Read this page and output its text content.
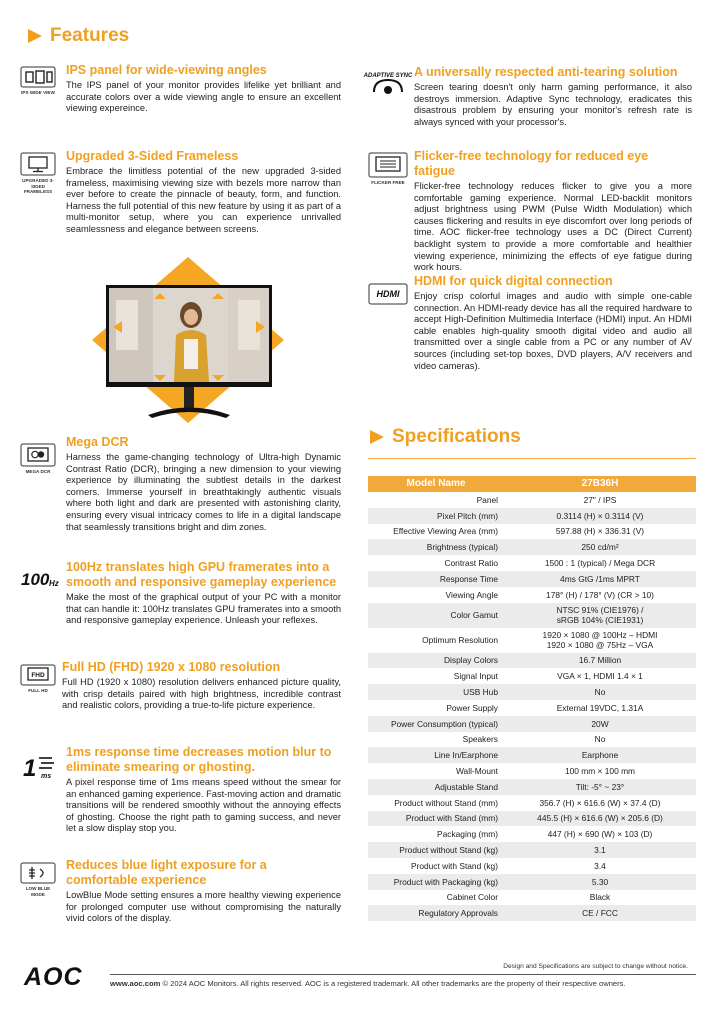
Features
IPS WIDE VIEW
IPS panel for wide-viewing angles
The IPS panel of your monitor provides lifelike yet brilliant and accurate colors over a wide viewing angle to ensure an excellent viewing expereince.
UPGRADED 3-SIDED FRAMELESS
Upgraded 3-Sided Frameless
Embrace the limitless potential of the new upgraded 3-sided frameless, maximising viewing size with bezels more narrow than ever before to create the pinnacle of beauty, form, and function. Harness the full potential of this new feature by using it as part of a multi-monitor setup, where you can experience unrivalled seamlessness and elegance between screens.
MEGA DCR
Mega DCR
Harness the game-changing technology of Ultra-high Dynamic Contrast Ratio (DCR), bringing a new dimension to your viewing experience by illuminating the subtlest details in the darkest corners. Immerse yourself in breathtakingly authentic visuals where both light and dark are presented with astonishing clarity, ensuring every visual intricacy comes to life in a digital landscape that seamlessly transitions bright and dim zones.
100 Hz
100Hz translates high GPU framerates into a smooth and responsive gameplay experience
Make the most of the graphical output of your PC with a monitor that can handle it: 100Hz translates GPU framerates into a smooth and responsive gameplay experience. Unleash your reflexes.
FHD
FULL HD
Full HD (FHD) 1920 x 1080 resolution
Full HD (1920 x 1080) resolution delivers enhanced picture quality, with crisp details paired with high brightness, incredible contrast and realistic colors, providing a true-to-life picture experience.
1 ms
1ms response time decreases motion blur to eliminate smearing or ghosting.
A pixel response time of 1ms means speed without the smear for an enhanced gaming experience. Fast-moving action and dramatic transitions will be rendered smoothly without the annoying effects of ghosting. Choose the right path to gaming success, and never let a slow display stop you.
LOW BLUE MODE
Reduces blue light exposure for a comfortable experience
LowBlue Mode setting ensures a more healthy viewing experience for prolonged computer use without compromising the naturally vivid colors of the display.
ADAPTIVE SYNC A universally respected anti-tearing solution
Screen tearing doesn't only harm gaming performance, it also destroys immersion. Adaptive Sync technology, eradicates this disastrous problem by ensuring your monitor's refresh rate is always synced with your processor's.
FLICKER FREE
Flicker-free technology for reduced eye fatigue
Flicker-free technology reduces flicker to give you a more comfortable gaming experience. Normal LED-backlit monitors adjust brightness using PWM (Pulse Width Modulation) which causes flickering and results in eye discomfort over long periods of time. AOC flicker-free technology uses a DC (Direct Current) backlight system to provide a more comfortable and healthier viewing experience, minimizing the effects of eye fatigue during work hours.
HDMI
HDMI for quick digital connection
Enjoy crisp colorful images and audio with simple one-cable connection. An HDMI-ready device has all the required hardware to accept High-Definition Multimedia Interface (HDMI) input. An HDMI cable enables high-quality smooth digital video and audio all transmitted over a single cable from a PC or any number of AV sources (including set-top boxes, DVD players, A/V receivers and video cameras).
Specifications
Model Name	27B36H
Panel	27" / IPS
Pixel Pitch (mm)	0.3114 (H) × 0.3114 (V)
Effective Viewing Area (mm)	597.88 (H) × 336.31 (V)
Brightness (typical)	250 cd/m²
Contrast Ratio	1500 : 1 (typical) / Mega DCR
Response Time	4ms GtG /1ms MPRT
Viewing Angle	178° (H) / 178° (V) (CR > 10)
Color Gamut	NTSC 91% (CIE1976) /
sRGB 104% (CIE1931)
Optimum Resolution	1920 × 1080 @ 100Hz – HDMI
1920 × 1080 @ 75Hz – VGA
Display Colors	16.7 Million
Signal Input	VGA × 1, HDMI 1.4 × 1
USB Hub	No
Power Supply	External 19VDC, 1.31A
Power Consumption (typical)	20W
Speakers	No
Line In/Earphone	Earphone
Wall-Mount	100 mm × 100 mm
Adjustable Stand	Tilt: -5° ~ 23°
Product without Stand (mm)	356.7 (H) × 616.6 (W) × 37.4 (D)
Product with Stand (mm)	445.5 (H) × 616.6 (W) × 205.6 (D)
Packaging (mm)	447 (H) × 690 (W) × 103 (D)
Product without Stand (kg)	3.1
Product with Stand (kg)	3.4
Product with Packaging (kg)	5.30
Cabinet Color	Black
Regulatory Approvals	CE / FCC
AOC	Design and Specifications are subject to change without notice.
www.aoc.com © 2024 AOC Monitors. All rights reserved. AOC is a registered trademark. All other trademarks are the property of their respective owners.
